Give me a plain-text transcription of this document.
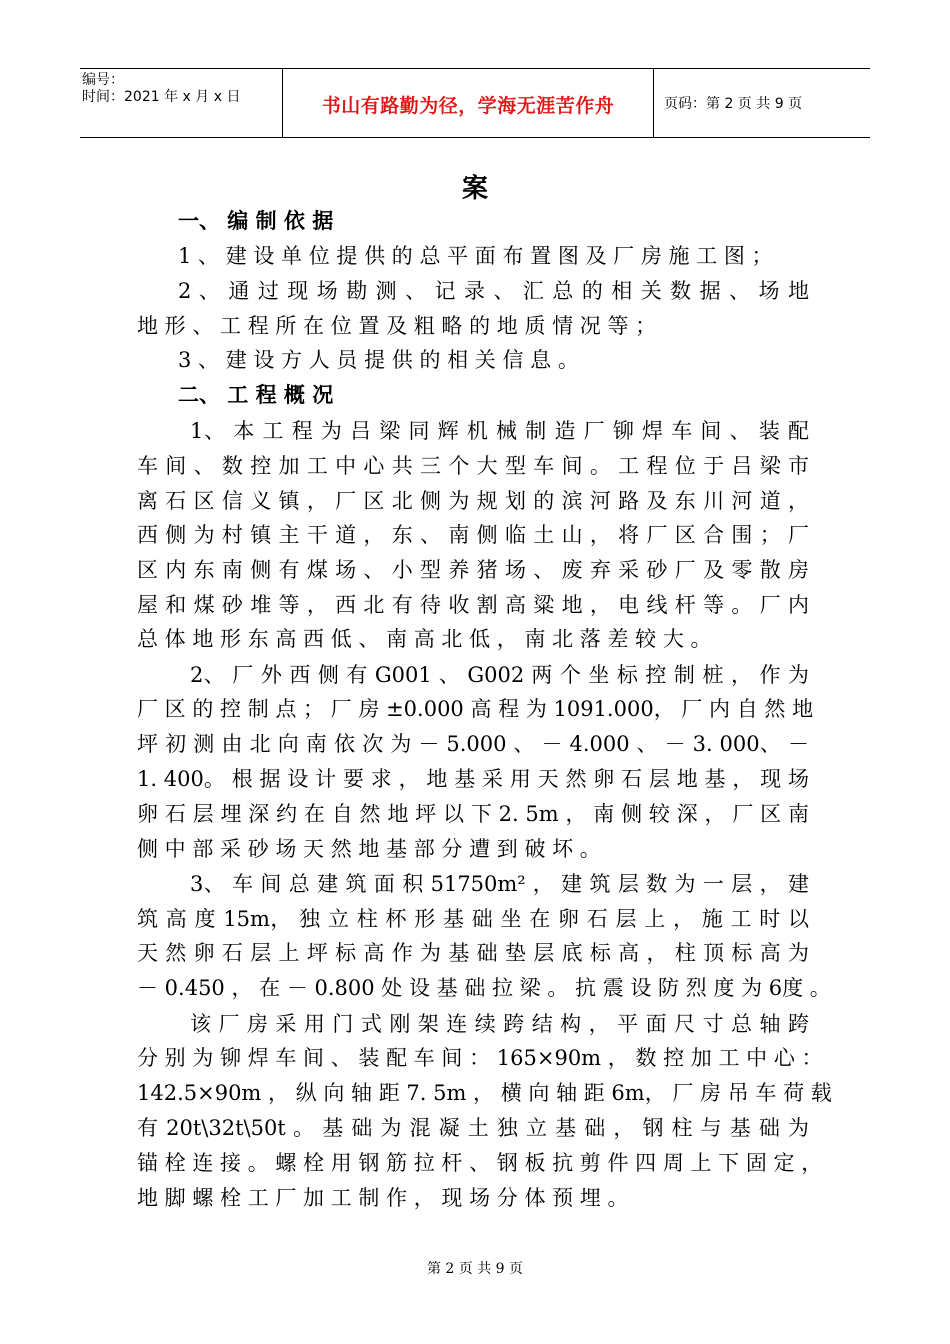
编号：
时间：2021 年 x 月 x 日	书山有路勤为径，学海无涯苦作舟	页码：第 2 页 共 9 页
案
一、 编 制 依 据
1 、 建 设 单 位 提 供 的 总 平 面 布 置 图 及 厂 房 施 工 图 ；
2 、 通 过 现 场 勘 测 、 记 录 、 汇 总 的 相 关 数 据 、 场 地
地 形 、 工 程 所 在 位 置 及 粗 略 的 地 质 情 况 等 ；
3 、 建 设 方 人 员 提 供 的 相 关 信 息 。
二、 工 程 概 况
1、 本 工 程 为 吕 梁 同 辉 机 械 制 造 厂 铆 焊 车 间 、 装 配
车间、数控加工中心共三个大型车间。工程位于吕梁市
离石区信义镇，厂区北侧为规划的滨河路及东川河道，
西侧为村镇主干道，东、南侧临土山，将厂区合围；厂
区内东南侧有煤场、小型养猪场、废弃采砂厂及零散房
屋和煤砂堆等，西北有待收割高粱地，电线杆等。厂内
总 体 地 形 东 高 西 低 、 南 高 北 低 ， 南 北 落 差 较 大 。
2、 厂 外 西 侧 有 G001 、 G002 两 个 坐 标 控 制 桩 ， 作 为
厂 区 的 控 制 点 ； 厂 房 ±0.000 高 程 为 1091.000， 厂 内 自 然 地
坪 初 测 由 北 向 南 依 次 为 － 5.000 、 － 4.000 、 － 3. 000、 －
1. 400。 根 据 设 计 要 求 ， 地 基 采 用 天 然 卵 石 层 地 基 ， 现 场
卵 石 层 埋 深 约 在 自 然 地 坪 以 下 2. 5m ， 南 侧 较 深 ， 厂 区 南
侧 中 部 采 砂 场 天 然 地 基 部 分 遭 到 破 坏 。
3、 车 间 总 建 筑 面 积 51750m² ， 建 筑 层 数 为 一 层 ， 建
筑 高 度 15m， 独 立 柱 杯 形 基 础 坐 在 卵 石 层 上 ， 施 工 时 以
天然卵石层上坪标高作为基础垫层底标高，柱顶标高为
－ 0.450 ， 在 － 0.800 处 设 基 础 拉 梁 。 抗 震 设 防 烈 度 为 6度 。
该 厂 房 采 用 门 式 刚 架 连 续 跨 结 构 ， 平 面 尺 寸 总 轴 跨
分 别 为 铆 焊 车 间 、 装 配 车 间 ： 165×90m ， 数 控 加 工 中 心 ：
142.5×90m ， 纵 向 轴 距 7. 5m ， 横 向 轴 距 6m， 厂 房 吊 车 荷 载
有 20t\32t\50t 。 基 础 为 混 凝 土 独 立 基 础 ， 钢 柱 与 基 础 为
锚 栓 连 接 。 螺 栓 用 钢 筋 拉 杆 、 钢 板 抗 剪 件 四 周 上 下 固 定 ，
地 脚 螺 栓 工 厂 加 工 制 作 ， 现 场 分 体 预 埋 。
第 2 页 共 9 页
